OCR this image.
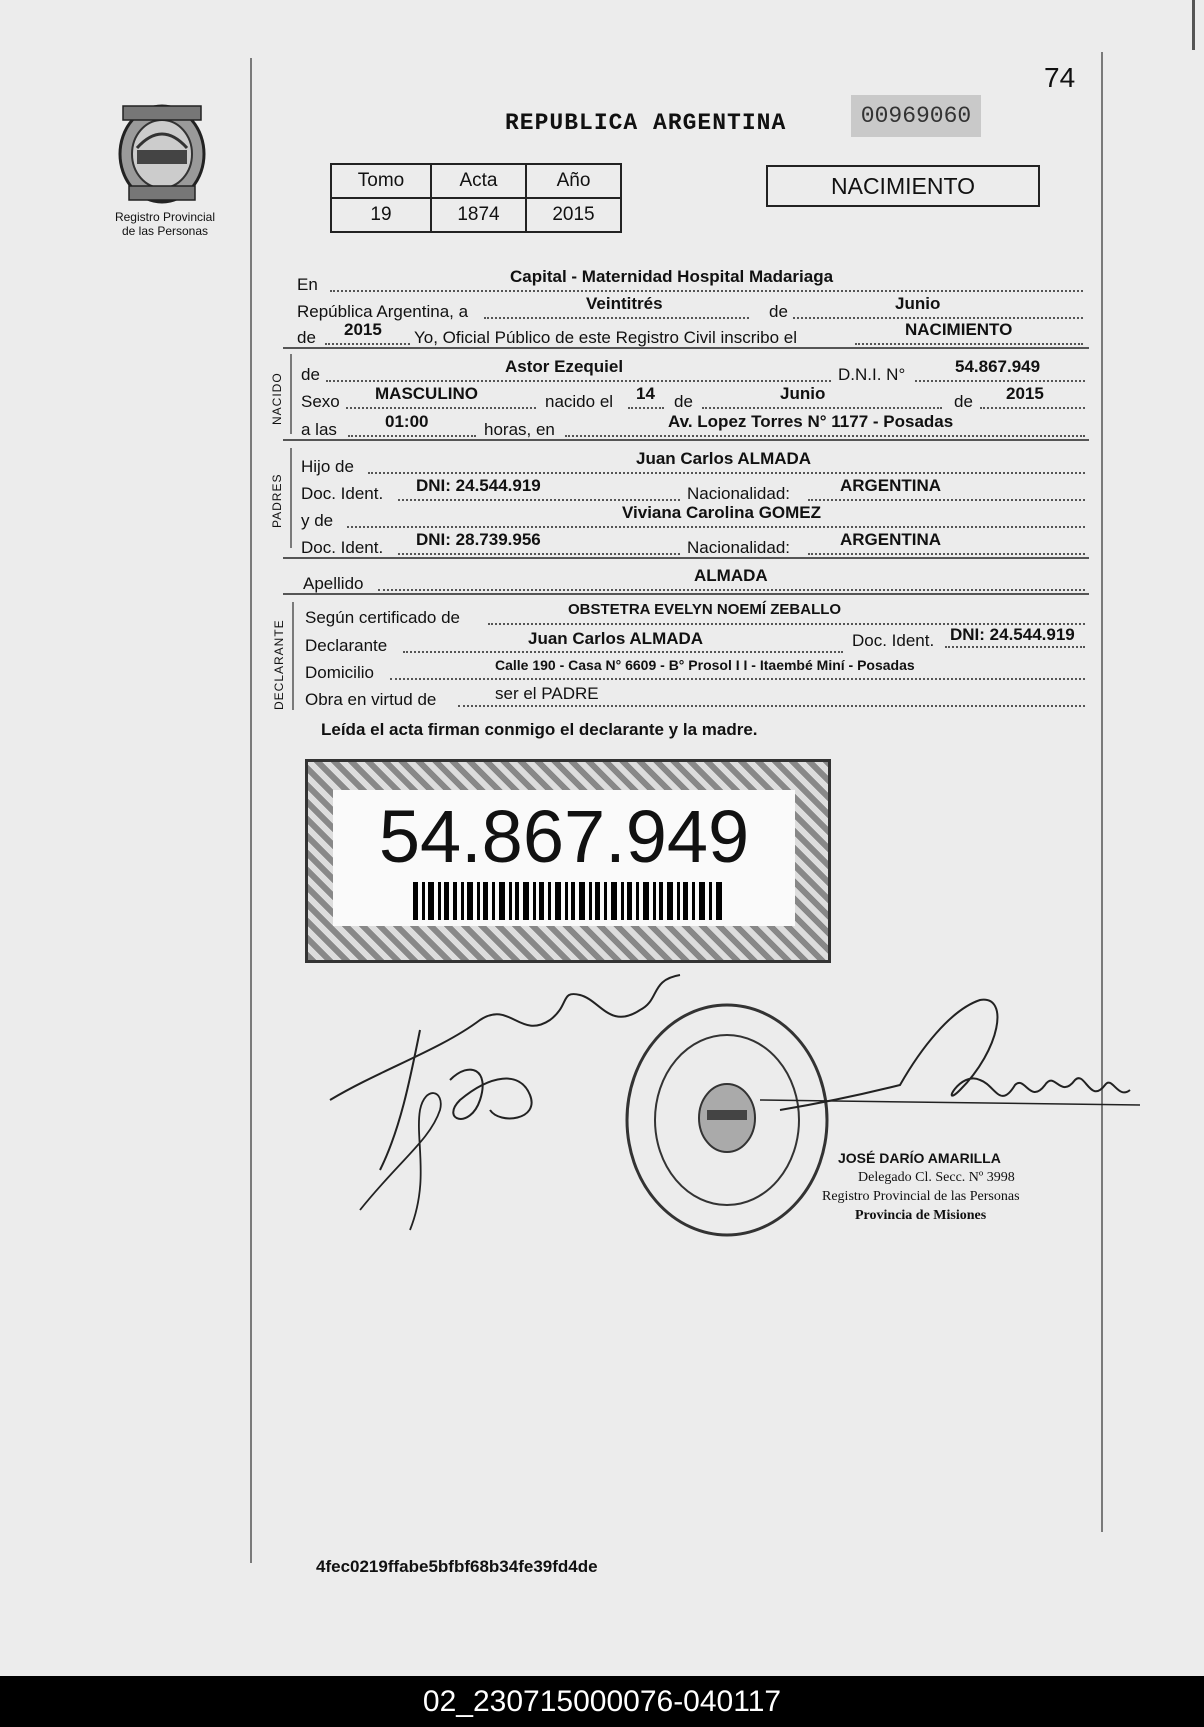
74
Registro Provincial
de las Personas
REPUBLICA ARGENTINA	00969060
Tomo	Acta	Año
19	1874	2015
NACIMIENTO
En	Capital - Maternidad Hospital Madariaga
República Argentina, a	Veintitrés	de	Junio
de 2015 Yo, Oficial Público de este Registro Civil inscribo el	NACIMIENTO
NACIDO de	Astor Ezequiel	D.N.I. N°	54.867.949
Sexo MASCULINO	nacido el 14 de	Junio	de 2015
a las	01:00	horas, en	Av. Lopez Torres N° 1177 - Posadas
PADRES
Hijo de	Juan Carlos ALMADA
Doc. Ident. DNI: 24.544.919	Nacionalidad:	ARGENTINA
y de	Viviana Carolina GOMEZ
Doc. Ident. DNI: 28.739.956	Nacionalidad:	ARGENTINA
Apellido	ALMADA
DECLARANTE
Según certificado de	OBSTETRA EVELYN NOEMÍ ZEBALLO
Declarante	Juan Carlos ALMADA	Doc. Ident. DNI: 24.544.919
Domicilio	Calle 190 - Casa N° 6609 - B° Prosol I I - Itaembé Miní - Posadas
Obra en virtud de	ser el PADRE
Leída el acta firman conmigo el declarante y la madre.
54.867.949
JOSÉ DARÍO AMARILLA
Delegado Cl. Secc. Nº 3998
Registro Provincial de las Personas
Provincia de Misiones
4fec0219ffabe5bfbf68b34fe39fd4de
02_230715000076-040117
